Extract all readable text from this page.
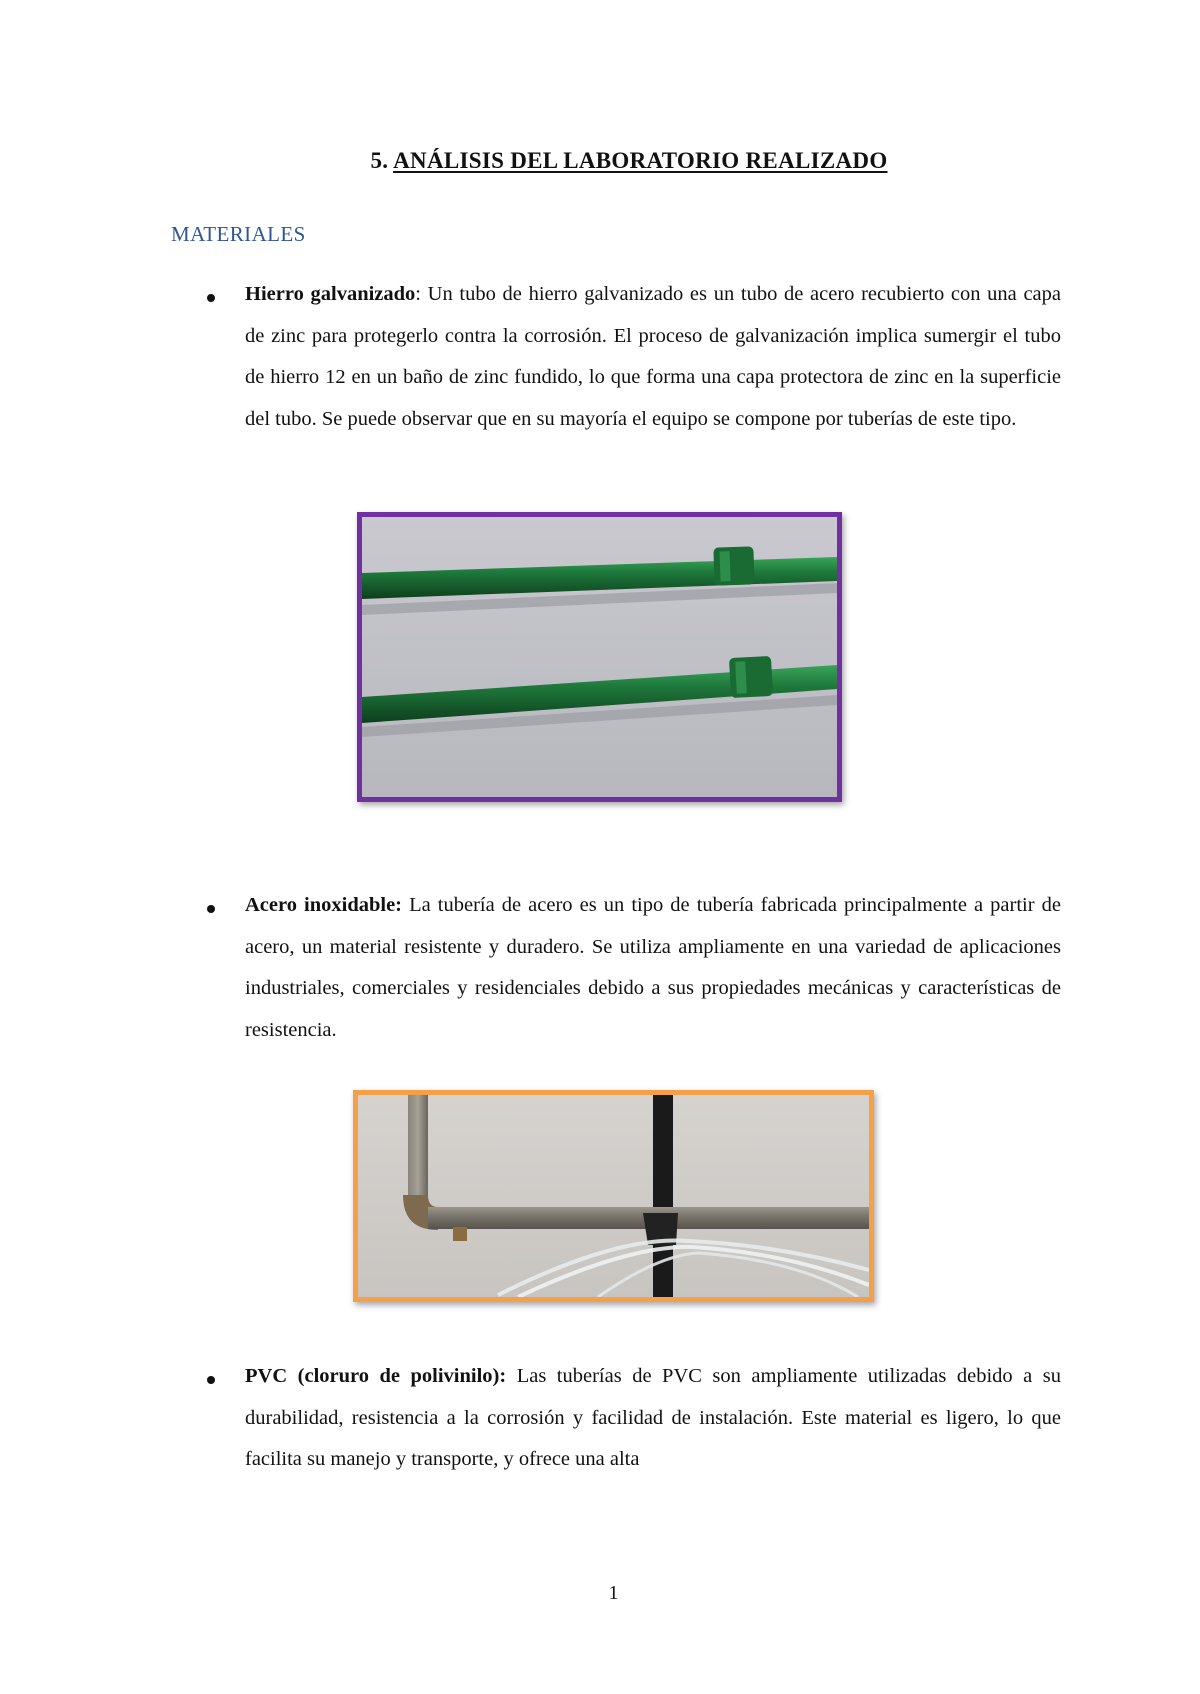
5. ANÁLISIS DEL LABORATORIO REALIZADO
MATERIALES
Hierro galvanizado: Un tubo de hierro galvanizado es un tubo de acero recubierto con una capa de zinc para protegerlo contra la corrosión. El proceso de galvanización implica sumergir el tubo de hierro 12 en un baño de zinc fundido, lo que forma una capa protectora de zinc en la superficie del tubo. Se puede observar que en su mayoría el equipo se compone por tuberías de este tipo.
Acero inoxidable: La tubería de acero es un tipo de tubería fabricada principalmente a partir de acero, un material resistente y duradero. Se utiliza ampliamente en una variedad de aplicaciones industriales, comerciales y residenciales debido a sus propiedades mecánicas y características de resistencia.
PVC (cloruro de polivinilo): Las tuberías de PVC son ampliamente utilizadas debido a su durabilidad, resistencia a la corrosión y facilidad de instalación. Este material es ligero, lo que facilita su manejo y transporte, y ofrece una alta
1
